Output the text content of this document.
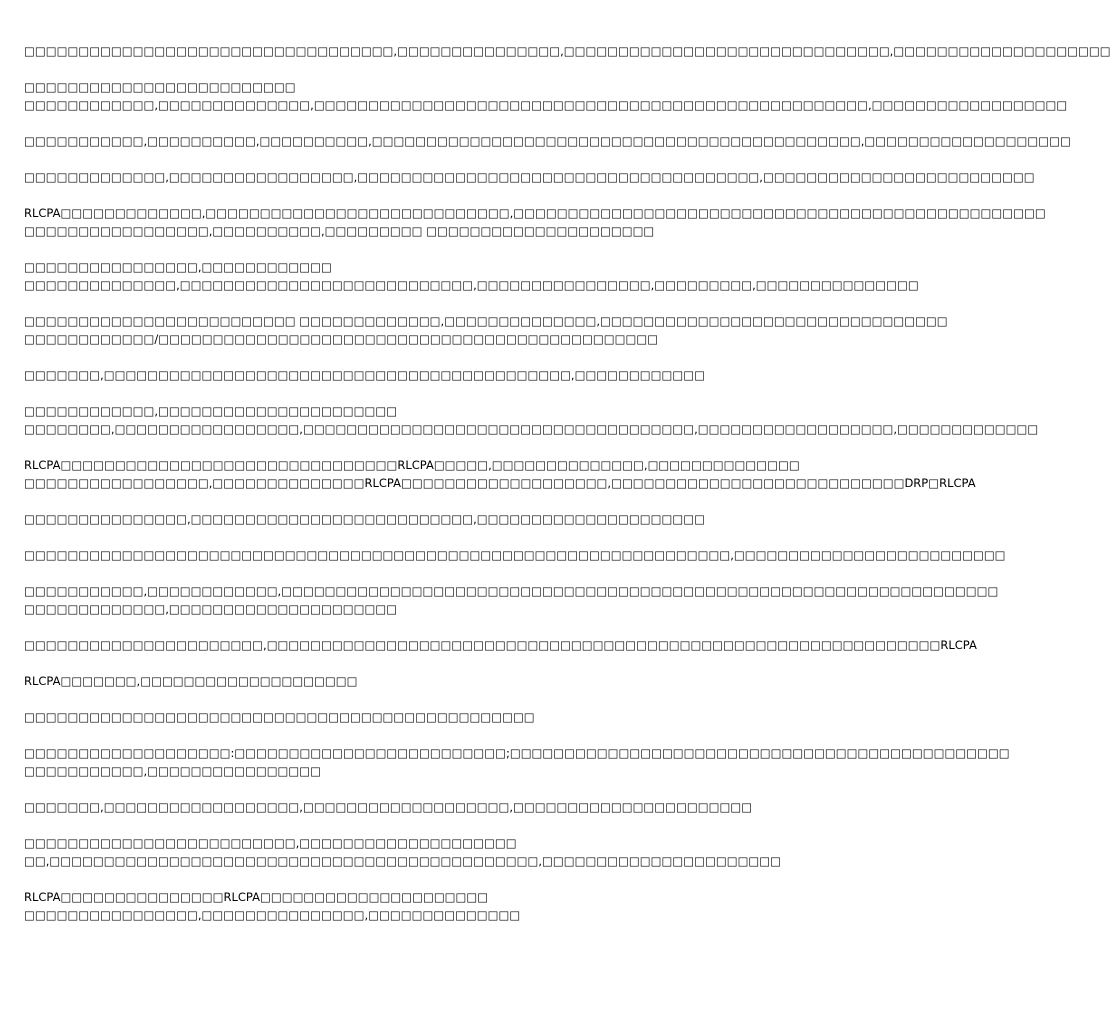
□□□□□□□□□□□□□□□□□□□□□□□□□□□□□□□□□□,□□□□□□□□□□□□□□□,□□□□□□□□□□□□□□□□□□□□□□□□□□□□□□,□□□□□□□□□□□□□□□□□□□□
□□□□□□□□□□□□□□□□□□□□□□□□□
□□□□□□□□□□□□,□□□□□□□□□□□□□□,□□□□□□□□□□□□□□□□□□□□□□□□□□□□□□□□□□□□□□□□□□□□□□□□□□□,□□□□□□□□□□□□□□□□□□
□□□□□□□□□□□,□□□□□□□□□□,□□□□□□□□□□,□□□□□□□□□□□□□□□□□□□□□□□□□□□□□□□□□□□□□□□□□□□□□,□□□□□□□□□□□□□□□□□□□
□□□□□□□□□□□□□,□□□□□□□□□□□□□□□□□,□□□□□□□□□□□□□□□□□□□□□□□□□□□□□□□□□□□□□,□□□□□□□□□□□□□□□□□□□□□□□□□
RLCPA□□□□□□□□□□□□□,□□□□□□□□□□□□□□□□□□□□□□□□□□□□,□□□□□□□□□□□□□□□□□□□□□□□□□□□□□□□□□□□□□□□□□□□□□□□□□
□□□□□□□□□□□□□□□□□,□□□□□□□□□□,□□□□□□□□□ □□□□□□□□□□□□□□□□□□□□□
□□□□□□□□□□□□□□□□,□□□□□□□□□□□□
□□□□□□□□□□□□□□,□□□□□□□□□□□□□□□□□□□□□□□□□□□,□□□□□□□□□□□□□□□□,□□□□□□□□□,□□□□□□□□□□□□□□□
□□□□□□□□□□□□□□□□□□□□□□□□□ □□□□□□□□□□□□□,□□□□□□□□□□□□□□,□□□□□□□□□□□□□□□□□□□□□□□□□□□□□□□□
□□□□□□□□□□□□/□□□□□□□□□□□□□□□□□□□□□□□□□□□□□□□□□□□□□□□□□□□□□□
□□□□□□□,□□□□□□□□□□□□□□□□□□□□□□□□□□□□□□□□□□□□□□□□□□□,□□□□□□□□□□□□
□□□□□□□□□□□□,□□□□□□□□□□□□□□□□□□□□□□
□□□□□□□□,□□□□□□□□□□□□□□□□□,□□□□□□□□□□□□□□□□□□□□□□□□□□□□□□□□□□□□,□□□□□□□□□□□□□□□□□□,□□□□□□□□□□□□□
RLCPA□□□□□□□□□□□□□□□□□□□□□□□□□□□□□□□RLCPA□□□□□,□□□□□□□□□□□□□□,□□□□□□□□□□□□□□
□□□□□□□□□□□□□□□□□,□□□□□□□□□□□□□□RLCPA□□□□□□□□□□□□□□□□□□□,□□□□□□□□□□□□□□□□□□□□□□□□□□□DRP□RLCPA
□□□□□□□□□□□□□□□,□□□□□□□□□□□□□□□□□□□□□□□□□□,□□□□□□□□□□□□□□□□□□□□□
□□□□□□□□□□□□□□□□□□□□□□□□□□□□□□□□□□□□□□□□□□□□□□□□□□□□□□□□□□□□□□□□□,□□□□□□□□□□□□□□□□□□□□□□□□□
□□□□□□□□□□□,□□□□□□□□□□□□,□□□□□□□□□□□□□□□□□□□□□□□□□□□□□□□□□□□□□□□□□□□□□□□□□□□□□□□□□□□□□□□□□□
□□□□□□□□□□□□□,□□□□□□□□□□□□□□□□□□□□□
□□□□□□□□□□□□□□□□□□□□□□,□□□□□□□□□□□□□□□□□□□□□□□□□□□□□□□□□□□□□□□□□□□□□□□□□□□□□□□□□□□□□□RLCPA
RLCPA□□□□□□□,□□□□□□□□□□□□□□□□□□□□
□□□□□□□□□□□□□□□□□□□□□□□□□□□□□□□□□□□□□□□□□□□□□□□
□□□□□□□□□□□□□□□□□□□:□□□□□□□□□□□□□□□□□□□□□□□□□;□□□□□□□□□□□□□□□□□□□□□□□□□□□□□□□□□□□□□□□□□□□□□□
□□□□□□□□□□□,□□□□□□□□□□□□□□□□
□□□□□□□,□□□□□□□□□□□□□□□□□□,□□□□□□□□□□□□□□□□□□□,□□□□□□□□□□□□□□□□□□□□□□
□□□□□□□□□□□□□□□□□□□□□□□□□,□□□□□□□□□□□□□□□□□□□□
□□,□□□□□□□□□□□□□□□□□□□□□□□□□□□□□□□□□□□□□□□□□□□□□,□□□□□□□□□□□□□□□□□□□□□□
RLCPA□□□□□□□□□□□□□□□RLCPA□□□□□□□□□□□□□□□□□□□□□
□□□□□□□□□□□□□□□□,□□□□□□□□□□□□□□□,□□□□□□□□□□□□□□
